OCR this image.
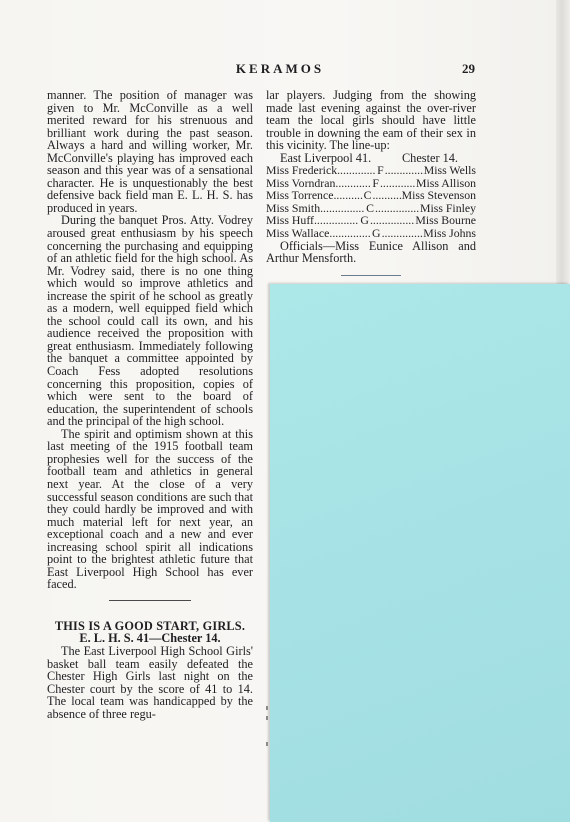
KERAMOS	29

manner. The position of manager was given to Mr. McConville as a well merited reward for his strenuous and brilliant work during the past season. Always a hard and willing worker, Mr. McConville's playing has improved each season and this year was of a sensational character. He is unquestionably the best defensive back field man E. L. H. S. has produced in years.

During the banquet Pros. Atty. Vodrey aroused great enthusiasm by his speech concerning the purchasing and equipping of an athletic field for the high school. As Mr. Vodrey said, there is no one thing which would so improve athletics and increase the spirit of he school as greatly as a modern, well equipped field which the school could call its own, and his audience received the proposition with great enthusiasm. Immediately following the banquet a committee appointed by Coach Fess adopted resolutions concerning this proposition, copies of which were sent to the board of education, the superintendent of schools and the principal of the high school.

The spirit and optimism shown at this last meeting of the 1915 football team prophesies well for the success of the football team and athletics in general next year. At the close of a very successful season conditions are such that they could hardly be improved and with much material left for next year, an exceptional coach and a new and ever increasing school spirit all indications point to the brightest athletic future that East Liverpool High School has ever faced.

THIS IS A GOOD START, GIRLS.
E. L. H. S. 41—Chester 14.

The East Liverpool High School Girls' basket ball team easily defeated the Chester High Girls last night on the Chester court by the score of 41 to 14. The local team was handicapped by the absence of three regu-

lar players. Judging from the showing made last evening against the over-river team the local girls should have little trouble in downing the eam of their sex in this vicinity. The line-up:

East Liverpool 41.	Chester 14.
Miss Frederick .....	F .....	Miss Wells
Miss Vorndran .....	F .....	Miss Allison
Miss Torrence .....	C .....	Miss Stevenson
Miss Smith .....	C .....	Miss Finley
Miss Huff .....	G .....	Miss Bourne
Miss Wallace .....	G .....	Miss Johns

Officials—Miss Eunice Allison and Arthur Mensforth.
